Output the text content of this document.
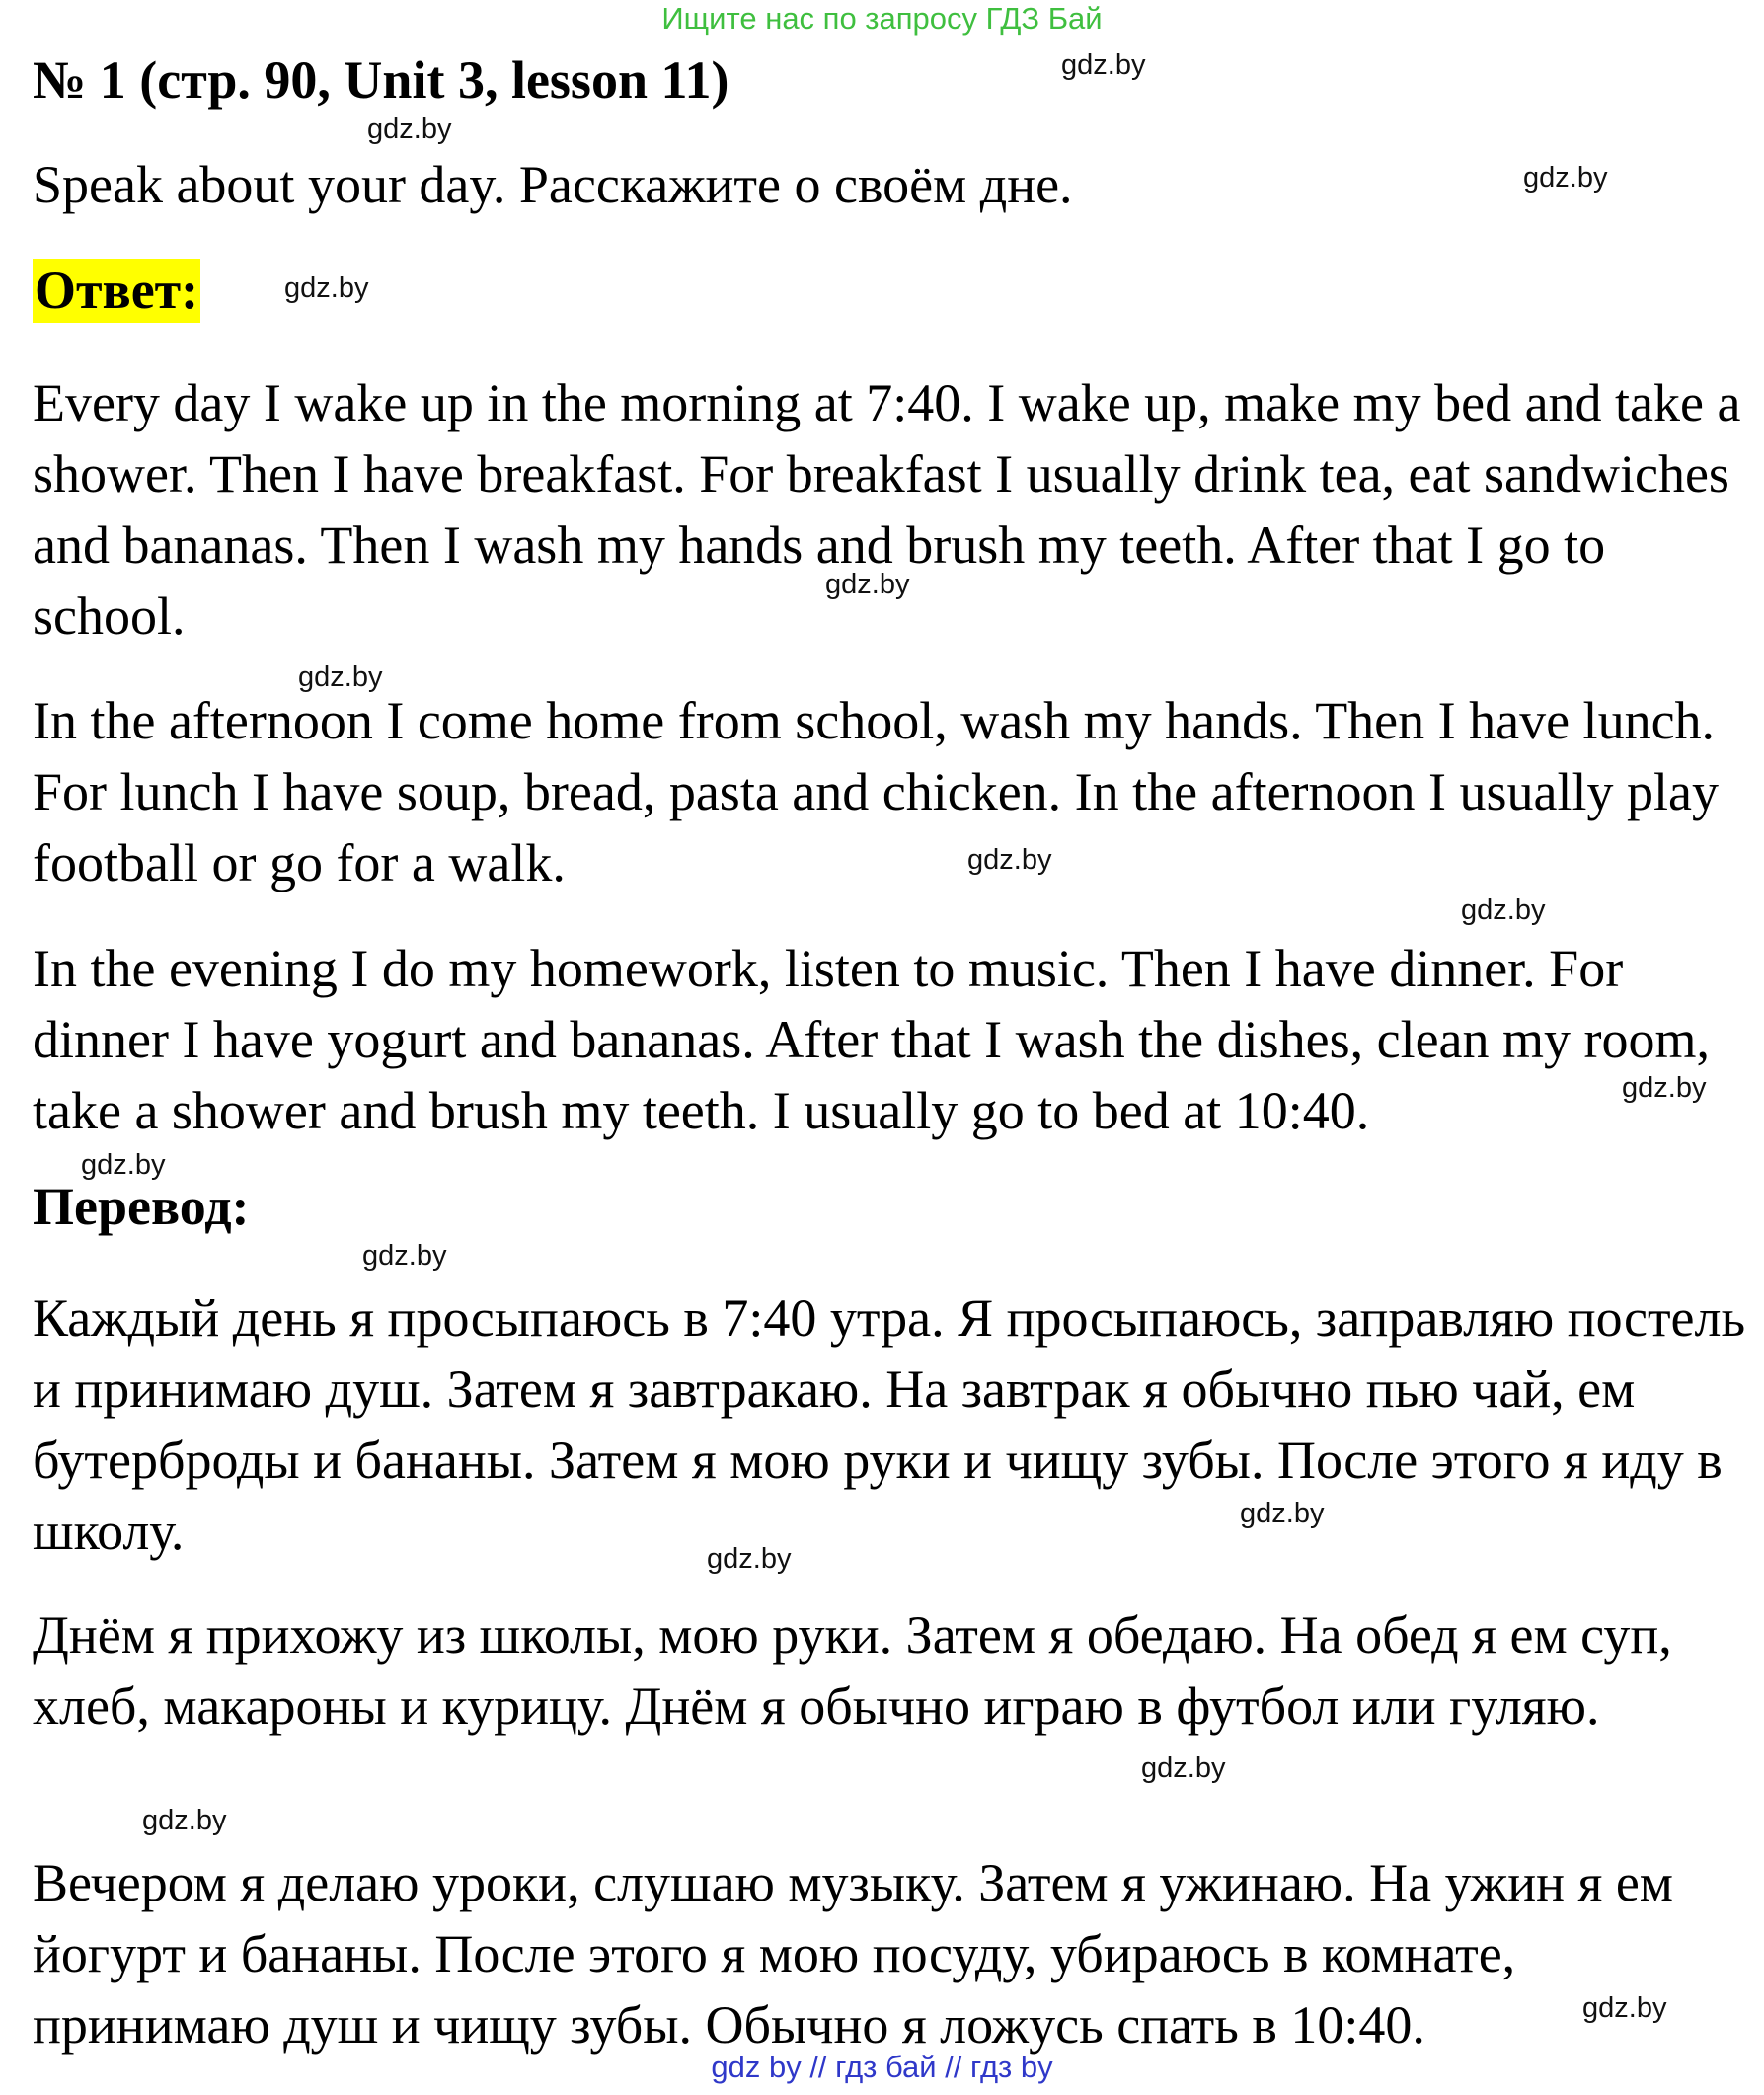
Ищите нас по запросу ГДЗ Бай
№ 1 (стр. 90, Unit 3, lesson 11)

Speak about your day. Расскажите о своём дне.

Ответ:

Every day I wake up in the morning at 7:40. I wake up, make my bed and take a shower. Then I have breakfast. For breakfast I usually drink tea, eat sandwiches and bananas. Then I wash my hands and brush my teeth. After that I go to school.

In the afternoon I come home from school, wash my hands. Then I have lunch. For lunch I have soup, bread, pasta and chicken. In the afternoon I usually play football or go for a walk.

In the evening I do my homework, listen to music. Then I have dinner. For dinner I have yogurt and bananas. After that I wash the dishes, clean my room, take a shower and brush my teeth. I usually go to bed at 10:40.

Перевод:

Каждый день я просыпаюсь в 7:40 утра. Я просыпаюсь, заправляю постель и принимаю душ. Затем я завтракаю. На завтрак я обычно пью чай, ем бутерброды и бананы. Затем я мою руки и чищу зубы. После этого я иду в школу.

Днём я прихожу из школы, мою руки. Затем я обедаю. На обед я ем суп, хлеб, макароны и курицу. Днём я обычно играю в футбол или гуляю.

Вечером я делаю уроки, слушаю музыку. Затем я ужинаю. На ужин я ем йогурт и бананы. После этого я мою посуду, убираюсь в комнате, принимаю душ и чищу зубы. Обычно я ложусь спать в 10:40.

gdz.by
gdz.by
gdz.by
gdz.by
gdz.by
gdz.by
gdz.by
gdz.by
gdz.by
gdz.by
gdz.by
gdz.by
gdz.by
gdz.by
gdz.by
gdz.by
gdz by // гдз бай // гдз by
